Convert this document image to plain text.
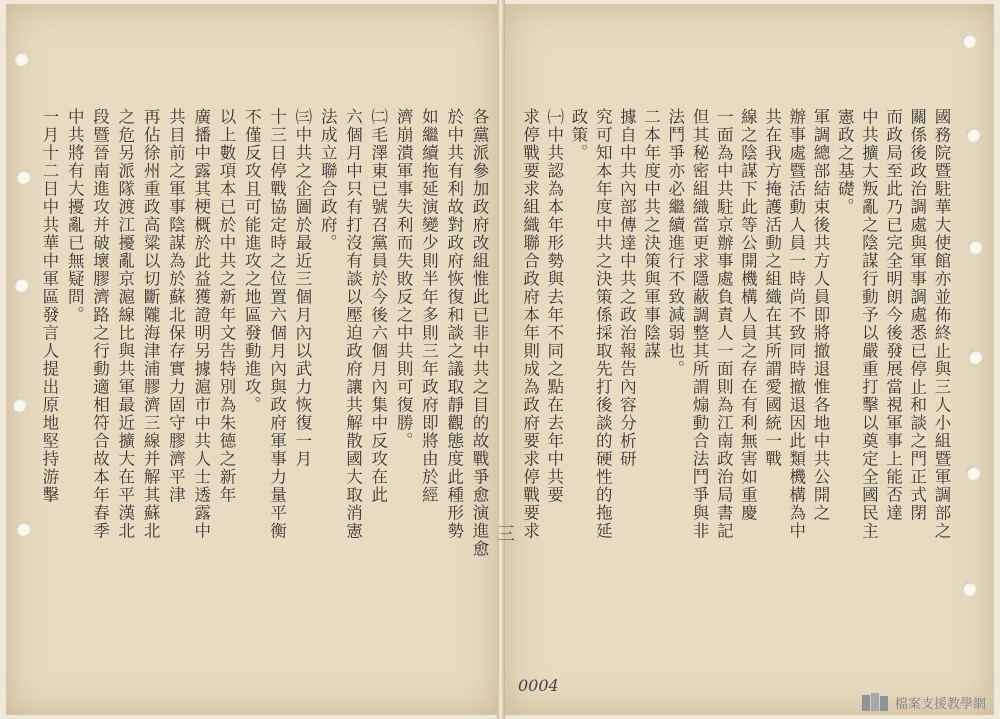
國務院暨駐華大使館亦並佈終止與三人小組暨軍調部之
關係後政治調處與軍事調處悉已停止和談之門正式閉
而政局至此乃已完全明朗今後發展當視軍事上能否達
中共擴大叛亂之陰謀行動予以嚴重打擊以奠定全國民主
憲政之基礎。
軍調總部結束後共方人員即將撤退惟各地中共公開之
辦事處暨活動人員一時尚不致同時撤退因此類機構為中
共在我方掩護活動之組織在其所謂愛國統一戰
線之陰謀下此等公開機構人員之存在有利無害如重慶
一面為中共駐京辦事處負責人一面則為江南政治局書記
但其秘密組織當更求隱蔽調整其所謂煽動合法鬥爭與非
法鬥爭亦必繼續進行不致減弱也。
二本年度中共之決策與軍事陰謀
據自中共內部傳達中共之政治報告內容分析研
究可知本年度中共之決策係採取先打後談的硬性的拖延
政策。
㈠中共認為本年形勢與去年不同之點在去年中共要
求停戰要求組織聯合政府本年則成為政府要求停戰要求
各黨派參加政府改組惟此已非中共之目的故戰爭愈演進愈
於中共有利故對政府恢復和談之議取靜觀態度此種形勢
如繼續拖延演變少則半年多則三年政府即將由於經
濟崩潰軍事失利而失敗反之中共則可復勝。
㈡毛澤東已號召黨員於今後六個月內集中反攻在此
六個月中只有打沒有談以壓迫政府讓共解散國大取消憲
法成立聯合政府。
㈢中共之企圖於最近三個月內以武力恢復一月
十三日停戰協定時之位置六個月內與政府軍事力量平衡
不僅反攻且可能進攻之地區發動進攻。
以上數項本已於中共之新年文告特別為朱德之新年
廣播中露其梗概於此益獲證明另據滬市中共人士透露中
共目前之軍事陰謀為於蘇北保存實力固守膠濟平津
再佔徐州重政高粱以切斷隴海津浦膠濟三線并解其蘇北
之危另派隊渡江擾亂京滬線比與共軍最近擴大在平漢北
段暨晉南進攻并破壞膠濟路之行動適相符合故本年春季
中共將有大擾亂已無疑問。
一月十二日中共華中軍區發言人提出原地堅持游擊
三
0004
檔案支援教學網
